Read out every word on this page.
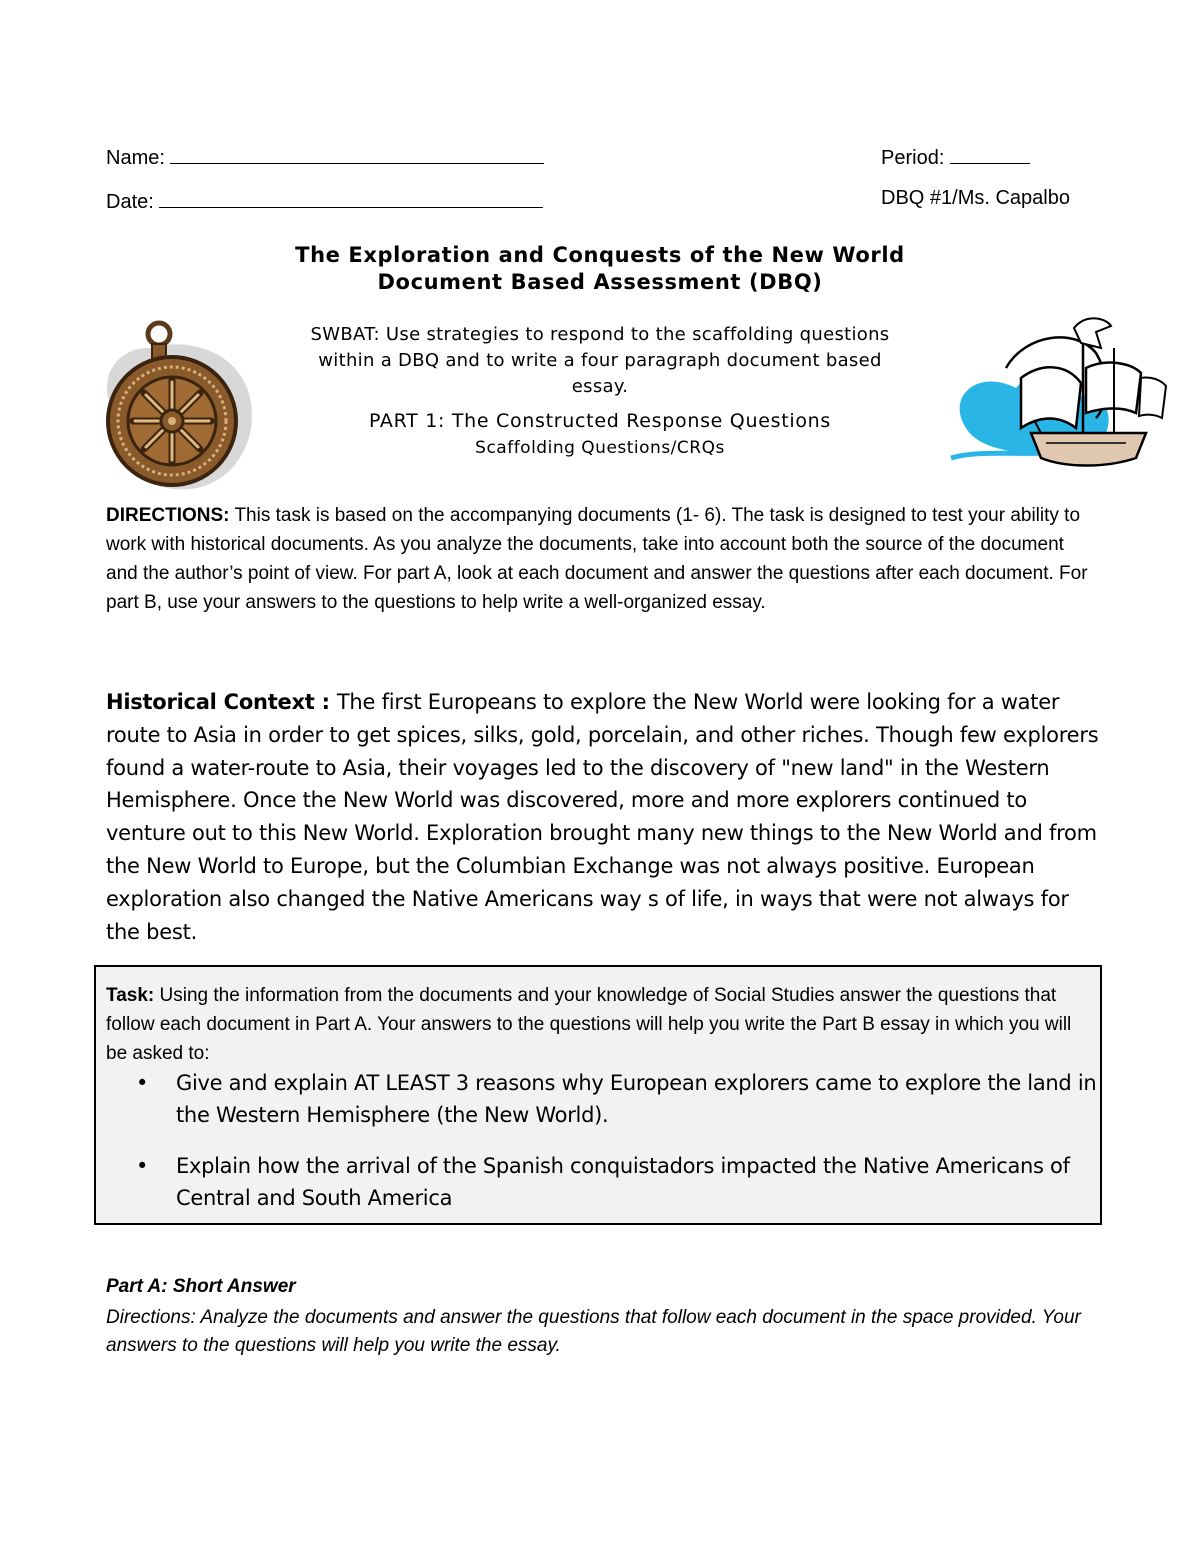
Name:
Date:
Period:
DBQ #1/Ms. Capalbo
The Exploration and Conquests of the New World
Document Based Assessment (DBQ)
SWBAT: Use strategies to respond to the scaffolding questions within a DBQ and to write a four paragraph document based essay.
PART 1: The Constructed Response Questions
Scaffolding Questions/CRQs
DIRECTIONS: This task is based on the accompanying documents (1- 6). The task is designed to test your ability to work with historical documents. As you analyze the documents, take into account both the source of the document and the author’s point of view. For part A, look at each document and answer the questions after each document. For part B, use your answers to the questions to help write a well-organized essay.
Historical Context : The first Europeans to explore the New World were looking for a water route to Asia in order to get spices, silks, gold, porcelain, and other riches. Though few explorers found a water-route to Asia, their voyages led to the discovery of "new land" in the Western Hemisphere. Once the New World was discovered, more and more explorers continued to venture out to this New World. Exploration brought many new things to the New World and from the New World to Europe, but the Columbian Exchange was not always positive. European exploration also changed the Native Americans way s of life, in ways that were not always for the best.
Task: Using the information from the documents and your knowledge of Social Studies answer the questions that follow each document in Part A. Your answers to the questions will help you write the Part B essay in which you will be asked to:
• Give and explain AT LEAST 3 reasons why European explorers came to explore the land in the Western Hemisphere (the New World).
• Explain how the arrival of the Spanish conquistadors impacted the Native Americans of Central and South America
Part A: Short Answer
Directions: Analyze the documents and answer the questions that follow each document in the space provided. Your answers to the questions will help you write the essay.
